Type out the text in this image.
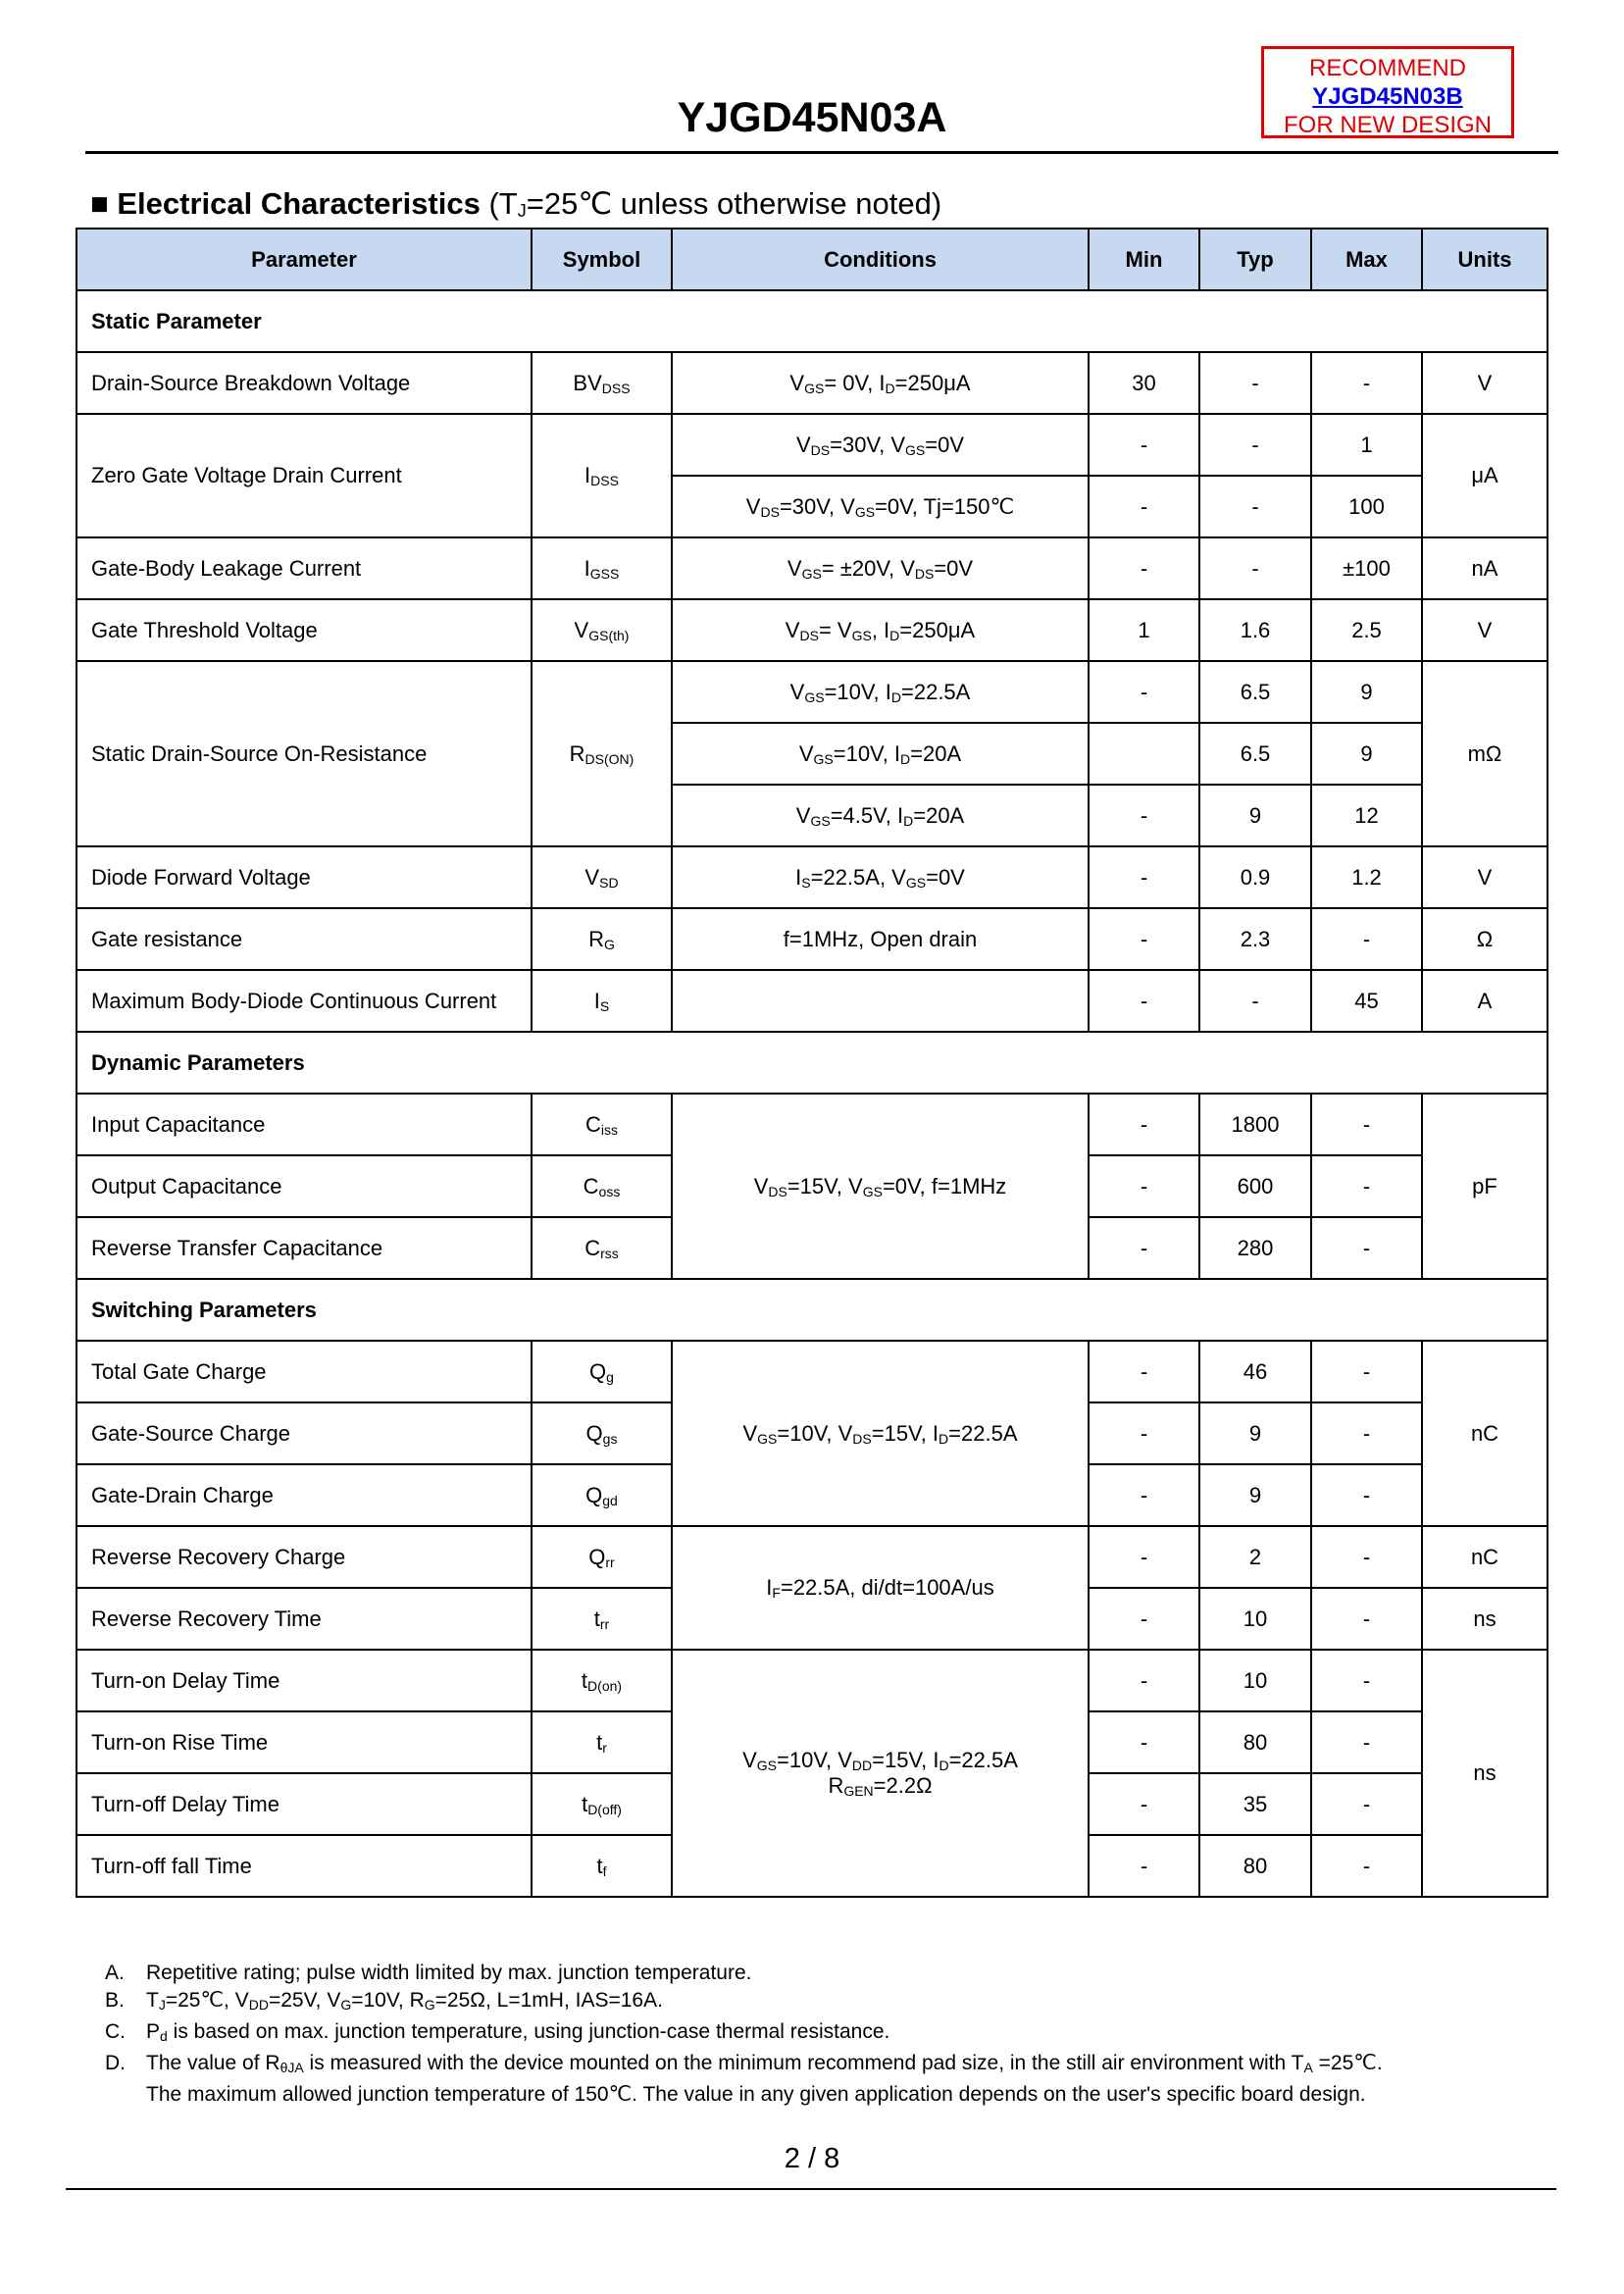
RECOMMEND
YJGD45N03B
FOR NEW DESIGN
YJGD45N03A
■ Electrical Characteristics ($T_J=25℃$ unless otherwise noted)
Parameter	Symbol	Conditions	Min	Typ	Max	Units
Static Parameter						
Drain-Source Breakdown Voltage	$BV_{DSS}$	$V_{GS}= 0V$, $I_D=250\mu A$	30	-	-	V
Zero Gate Voltage Drain Current	$I_{DSS}$	$V_{DS}=30V$, $V_{GS}=0V$	-	-	1	μA
		$V_{DS}=30V$, $V_{GS}=0V$, Tj=150℃	-	-	100	
Gate-Body Leakage Current	$I_{GSS}$	$V_{GS}= \pm 20V$, $V_{DS}=0V$	-	-	±100	nA
Gate Threshold Voltage	$V_{GS(th)}$	$V_{DS}= V_{GS}$, $I_D=250\mu A$	1	1.6	2.5	V
Static Drain-Source On-Resistance	$R_{DS(ON)}$	$V_{GS}=10V$, $I_D=22.5A$	-	6.5	9	mΩ
		$V_{GS}=10V$, $I_D=20A$		6.5	9	
		$V_{GS}=4.5V$, $I_D=20A$	-	9	12	
Diode Forward Voltage	$V_{SD}$	$I_S=22.5A$, $V_{GS}=0V$	-	0.9	1.2	V
Gate resistance	$R_G$	f=1MHz, Open drain	-	2.3	-	Ω
Maximum Body-Diode Continuous Current	$I_S$		-	-	45	A
Dynamic Parameters						
Input Capacitance	$C_{iss}$	$V_{DS}=15V$, $V_{GS}=0V$, f=1MHz	-	1800	-	pF
Output Capacitance	$C_{oss}$		-	600	-	
Reverse Transfer Capacitance	$C_{rss}$		-	280	-	
Switching Parameters						
Total Gate Charge	$Q_g$	$V_{GS}=10V$, $V_{DS}=15V$, $I_D=22.5A$	-	46	-	nC
Gate-Source Charge	$Q_{gs}$		-	9	-	
Gate-Drain Charge	$Q_{gd}$		-	9	-	
Reverse Recovery Charge	$Q_{rr}$	$I_F=22.5A$, di/dt=100A/us	-	2	-	nC
Reverse Recovery Time	$t_{rr}$		-	10	-	ns
Turn-on Delay Time	$t_{D(on)}$	$V_{GS}=10V$, $V_{DD}=15V$, $I_D=22.5A$
$R_{GEN}=2.2\Omega$	-	10	-	ns
Turn-on Rise Time	$t_r$		-	80	-	
Turn-off Delay Time	$t_{D(off)}$		-	35	-	
Turn-off fall Time	$t_f$		-	80	-	
A.	Repetitive rating; pulse width limited by max. junction temperature.
B.	$T_J=25℃$, $V_{DD}=25V$, $V_G=10V$, $R_G=25\Omega$, L=1mH, IAS=16A.
C.	$P_d$ is based on max. junction temperature, using junction-case thermal resistance.
D.	The value of $R_{\theta JA}$ is measured with the device mounted on the minimum recommend pad size, in the still air environment with $T_A$ =25℃.
The maximum allowed junction temperature of 150℃. The value in any given application depends on the user's specific board design.
2 / 8
